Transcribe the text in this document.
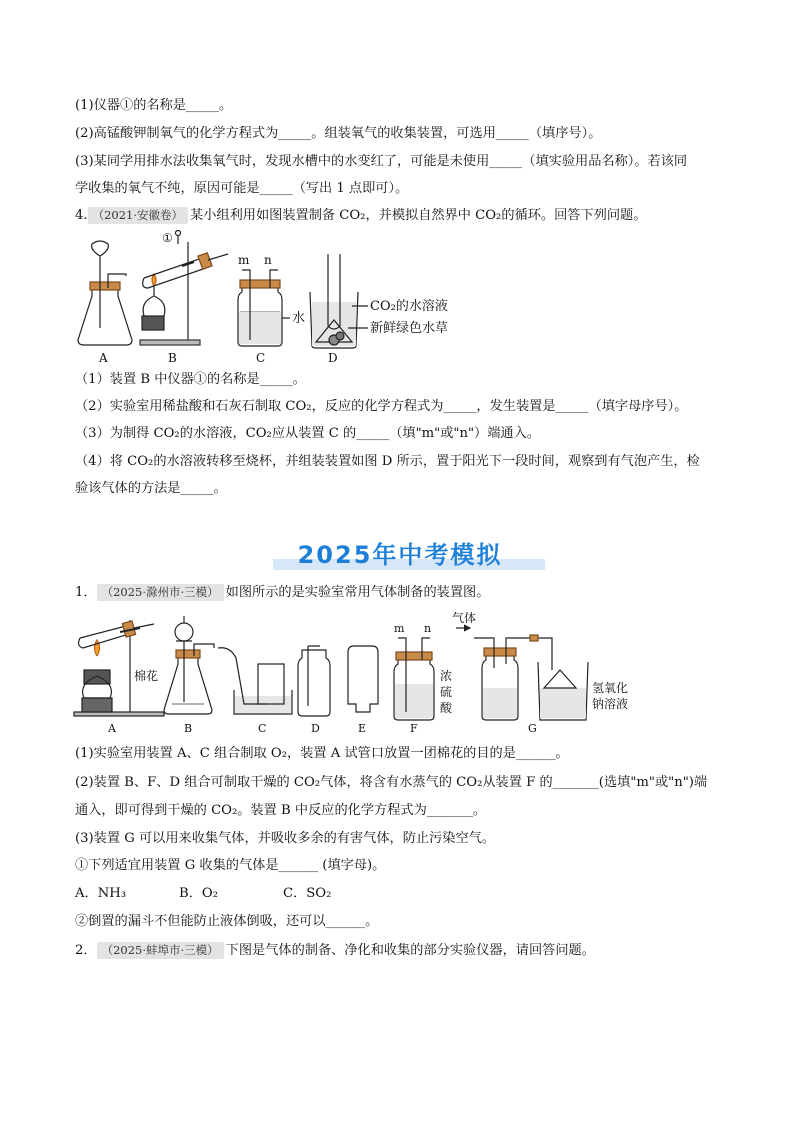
(1)仪器①的名称是_____。
(2)高锰酸钾制氧气的化学方程式为_____。组装氧气的收集装置，可选用_____（填序号）。
(3)某同学用排水法收集氧气时，发现水槽中的水变红了，可能是未使用_____（填实验用品名称）。若该同
学收集的氧气不纯，原因可能是_____（写出 1 点即可）。
4. （2021·安徽卷） 某小组利用如图装置制备 CO₂，并模拟自然界中 CO₂的循环。回答下列问题。
①
m n
水
CO₂的水溶液
新鲜绿色水草
A	B	C	D
（1）装置 B 中仪器①的名称是_____。
（2）实验室用稀盐酸和石灰石制取 CO₂，反应的化学方程式为_____，发生装置是_____（填字母序号）。
（3）为制得 CO₂的水溶液，CO₂应从装置 C 的_____（填"m"或"n"）端通入。
（4）将 CO₂的水溶液转移至烧杯，并组装装置如图 D 所示，置于阳光下一段时间，观察到有气泡产生，检
验该气体的方法是_____。
2025年中考模拟
1． （2025·滁州市·三模） 如图所示的是实验室常用气体制备的装置图。
棉花
m n
气体
浓
硫
酸
氢氧化
钠溶液
A	B	C	D	E	F	G
(1)实验室用装置 A、C 组合制取 O₂，装置 A 试管口放置一团棉花的目的是______。
(2)装置 B、F、D 组合可制取干燥的 CO₂气体，将含有水蒸气的 CO₂从装置 F 的_______(选填"m"或"n")端
通入，即可得到干燥的 CO₂。装置 B 中反应的化学方程式为_______。
(3)装置 G 可以用来收集气体，并吸收多余的有害气体，防止污染空气。
①下列适宜用装置 G 收集的气体是______ (填字母)。
A．NH₃	B．O₂	C．SO₂
②倒置的漏斗不但能防止液体倒吸，还可以______。
2． （2025·蚌埠市·三模） 下图是气体的制备、净化和收集的部分实验仪器，请回答问题。
